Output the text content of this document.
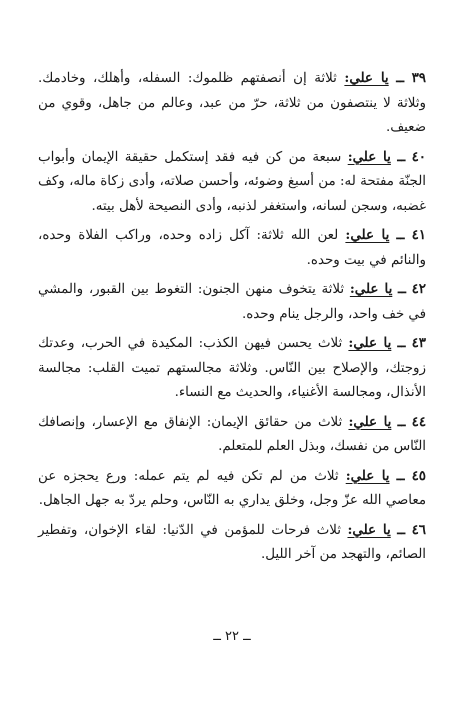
٣٩ ــ يا علي: ثلاثة إن أنصفتهم ظلموك: السفله، وأهلك، وخادمك. وثلاثة لا ينتصفون من ثلاثة، حرّ من عبد، وعالم من جاهل، وقوي من ضعيف.

٤٠ ــ يا علي: سبعة من كن فيه فقد إستكمل حقيقة الإيمان وأبواب الجنّة مفتحة له: من أسبغ وضوئه، وأحسن صلاته، وأدى زكاة ماله، وكف غضبه، وسجن لسانه، واستغفر لذنبه، وأدى النصيحة لأهل بيته.

٤١ ــ يا علي: لعن الله ثلاثة: آكل زاده وحده، وراكب الفلاة وحده، والنائم في بيت وحده.

٤٢ ــ يا علي: ثلاثة يتخوف منهن الجنون: التغوط بين القبور، والمشي في خف واحد، والرجل ينام وحده.

٤٣ ــ يا علي: ثلاث يحسن فيهن الكذب: المكيدة في الحرب، وعدتك زوجتك، والإصلاح بين النّاس. وثلاثة مجالستهم تميت القلب: مجالسة الأنذال، ومجالسة الأغنياء، والحديث مع النساء.

٤٤ ــ يا علي: ثلاث من حقائق الإيمان: الإنفاق مع الإعسار، وإنصافك النّاس من نفسك، وبذل العلم للمتعلم.

٤٥ ــ يا علي: ثلاث من لم تكن فيه لم يتم عمله: ورع يحجزه عن معاصي الله عزّ وجل، وخلق يداري به النّاس، وحلم يردّ به جهل الجاهل.

٤٦ ــ يا علي: ثلاث فرحات للمؤمن في الدّنيا: لقاء الإخوان، وتفطير الصائم، والتهجد من آخر الليل.

ــ ٢٢ ــ
